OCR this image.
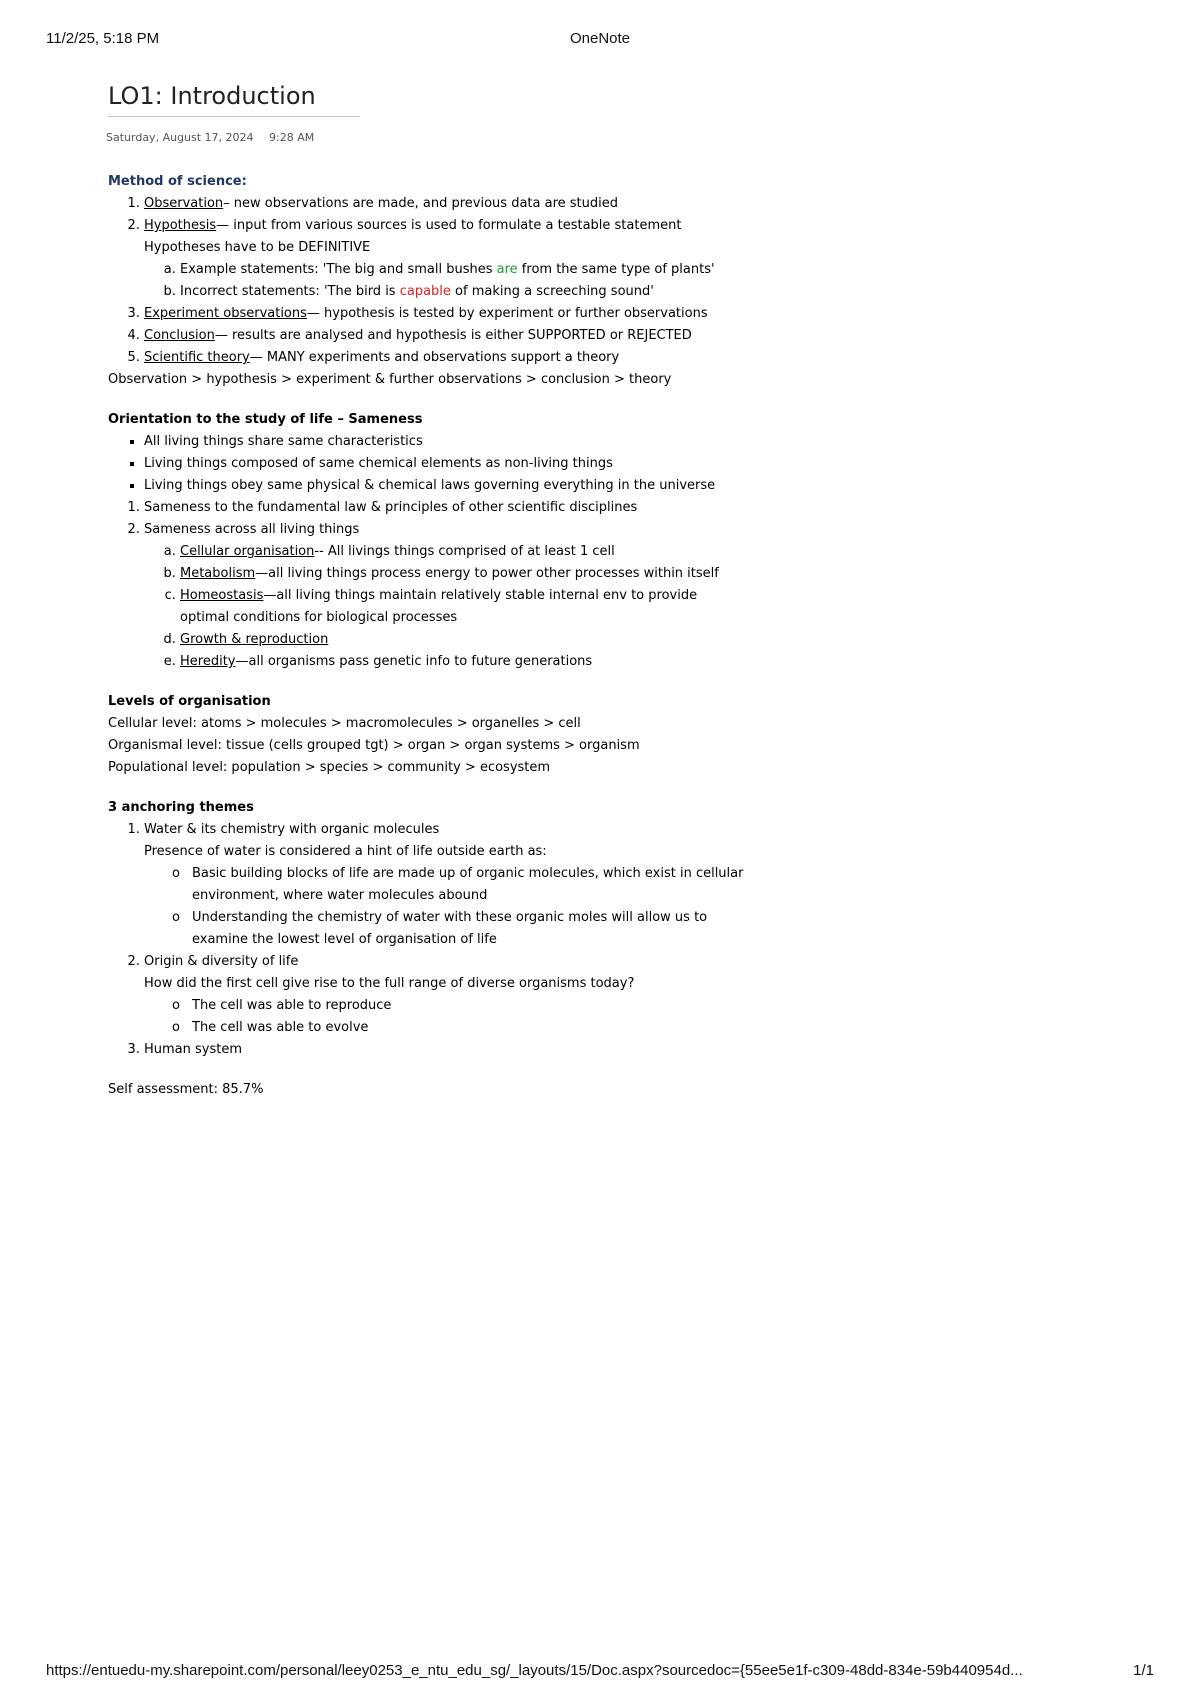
11/2/25, 5:18 PM	OneNote
LO1: Introduction
Saturday, August 17, 2024 9:28 AM
Method of science:
1. Observation– new observations are made, and previous data are studied
2. Hypothesis— input from various sources is used to formulate a testable statement
Hypotheses have to be DEFINITIVE
a. Example statements: 'The big and small bushes are from the same type of plants'
b. Incorrect statements: 'The bird is capable of making a screeching sound'
3. Experiment observations— hypothesis is tested by experiment or further observations
4. Conclusion— results are analysed and hypothesis is either SUPPORTED or REJECTED
5. Scientific theory— MANY experiments and observations support a theory
Observation > hypothesis > experiment & further observations > conclusion > theory
Orientation to the study of life – Sameness
▪ All living things share same characteristics
▪ Living things composed of same chemical elements as non-living things
▪ Living things obey same physical & chemical laws governing everything in the universe
1. Sameness to the fundamental law & principles of other scientific disciplines
2. Sameness across all living things
a. Cellular organisation-- All livings things comprised of at least 1 cell
b. Metabolism—all living things process energy to power other processes within itself
c. Homeostasis—all living things maintain relatively stable internal env to provide optimal conditions for biological processes
d. Growth & reproduction
e. Heredity—all organisms pass genetic info to future generations
Levels of organisation
Cellular level: atoms > molecules > macromolecules > organelles > cell
Organismal level: tissue (cells grouped tgt) > organ > organ systems > organism
Populational level: population > species > community > ecosystem
3 anchoring themes
1. Water & its chemistry with organic molecules
Presence of water is considered a hint of life outside earth as:
o Basic building blocks of life are made up of organic molecules, which exist in cellular environment, where water molecules abound
o Understanding the chemistry of water with these organic moles will allow us to examine the lowest level of organisation of life
2. Origin & diversity of life
How did the first cell give rise to the full range of diverse organisms today?
o The cell was able to reproduce
o The cell was able to evolve
3. Human system
Self assessment: 85.7%
https://entuedu-my.sharepoint.com/personal/leey0253_e_ntu_edu_sg/_layouts/15/Doc.aspx?sourcedoc={55ee5e1f-c309-48dd-834e-59b440954d...	1/1
